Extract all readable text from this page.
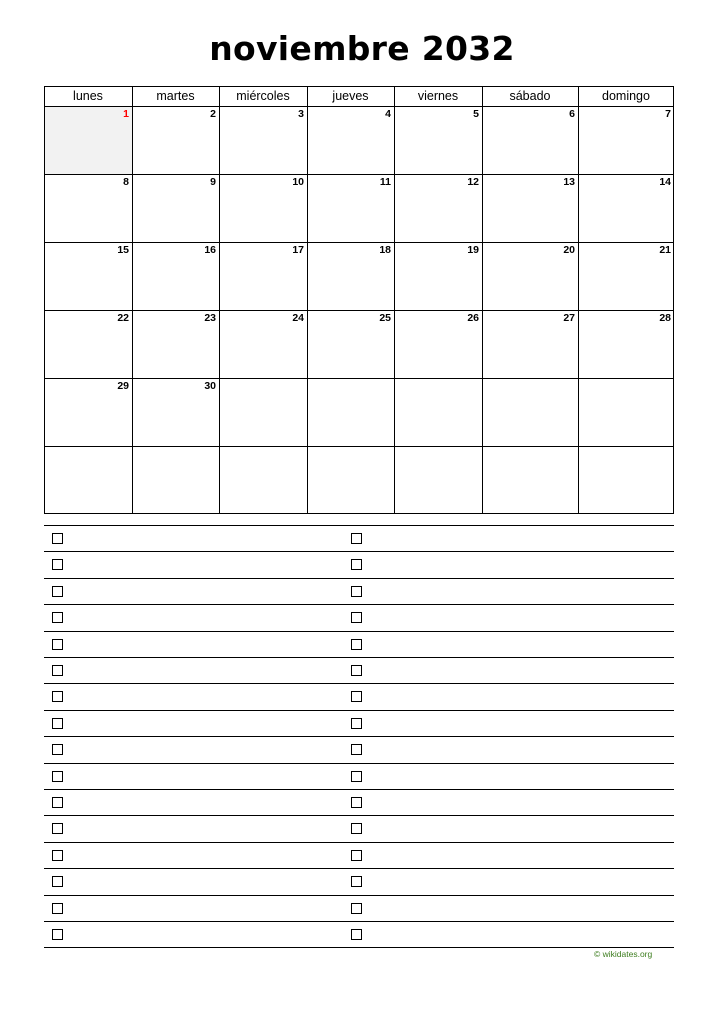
noviembre 2032
lunes	martes	miércoles	jueves	viernes	sábado	domingo
1	2	3	4	5	6	7
8	9	10	11	12	13	14
15	16	17	18	19	20	21
22	23	24	25	26	27	28
29	30
© wikidates.org
